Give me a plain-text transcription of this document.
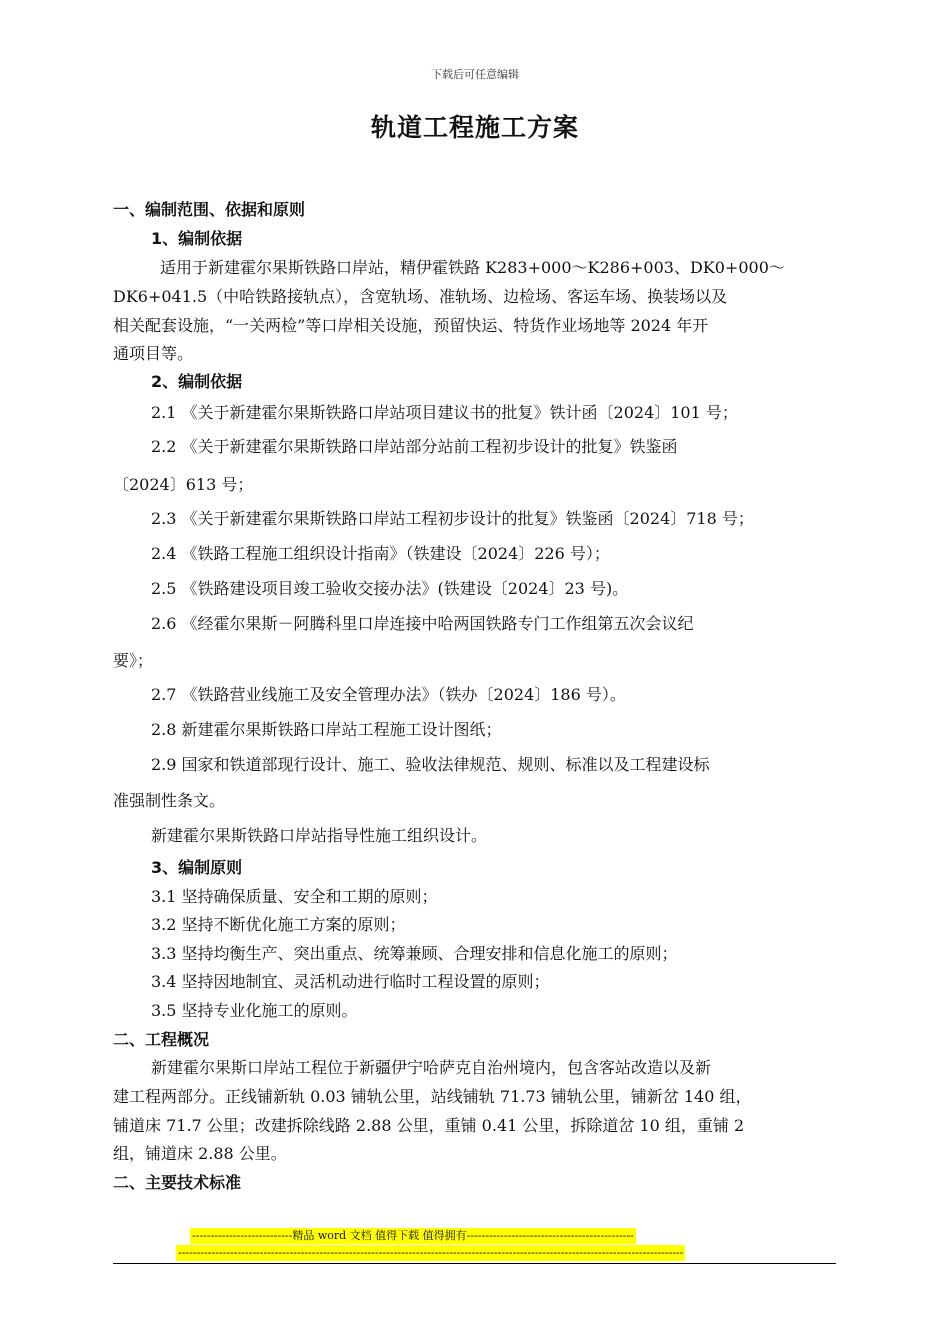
下载后可任意编辑
轨道工程施工方案
一、编制范围、依据和原则
1、编制依据
适用于新建霍尔果斯铁路口岸站，精伊霍铁路 K283+000～K286+003、DK0+000～
DK6+041.5（中哈铁路接轨点），含宽轨场、准轨场、边检场、客运车场、换装场以及
相关配套设施，“一关两检”等口岸相关设施，预留快运、特货作业场地等 2024 年开
通项目等。
2、编制依据
2.1 《关于新建霍尔果斯铁路口岸站项目建议书的批复》铁计函〔2024〕101 号；
2.2 《关于新建霍尔果斯铁路口岸站部分站前工程初步设计的批复》铁鉴函
〔2024〕613 号；
2.3 《关于新建霍尔果斯铁路口岸站工程初步设计的批复》铁鉴函〔2024〕718 号；
2.4 《铁路工程施工组织设计指南》（铁建设〔2024〕226 号）；
2.5 《铁路建设项目竣工验收交接办法》(铁建设〔2024〕23 号)。
2.6 《经霍尔果斯－阿腾科里口岸连接中哈两国铁路专门工作组第五次会议纪
要》；
2.7 《铁路营业线施工及安全管理办法》（铁办〔2024〕186 号）。
2.8 新建霍尔果斯铁路口岸站工程施工设计图纸；
2.9 国家和铁道部现行设计、施工、验收法律规范、规则、标准以及工程建设标
准强制性条文。
新建霍尔果斯铁路口岸站指导性施工组织设计。
3、编制原则
3.1 坚持确保质量、安全和工期的原则；
3.2 坚持不断优化施工方案的原则；
3.3 坚持均衡生产、突出重点、统筹兼顾、合理安排和信息化施工的原则；
3.4 坚持因地制宜、灵活机动进行临时工程设置的原则；
3.5 坚持专业化施工的原则。
二、工程概况
新建霍尔果斯口岸站工程位于新疆伊宁哈萨克自治州境内，包含客站改造以及新
建工程两部分。正线铺新轨 0.03 铺轨公里，站线铺轨 71.73 铺轨公里，铺新岔 140 组，
铺道床 71.7 公里；改建拆除线路 2.88 公里，重铺 0.41 公里，拆除道岔 10 组，重铺 2
组，铺道床 2.88 公里。
二、主要技术标准
---------------------------精品 word 文档 值得下载 值得拥有---------------------------------------------
----------------------------------------------------------------------------------------------------------------------------------------
